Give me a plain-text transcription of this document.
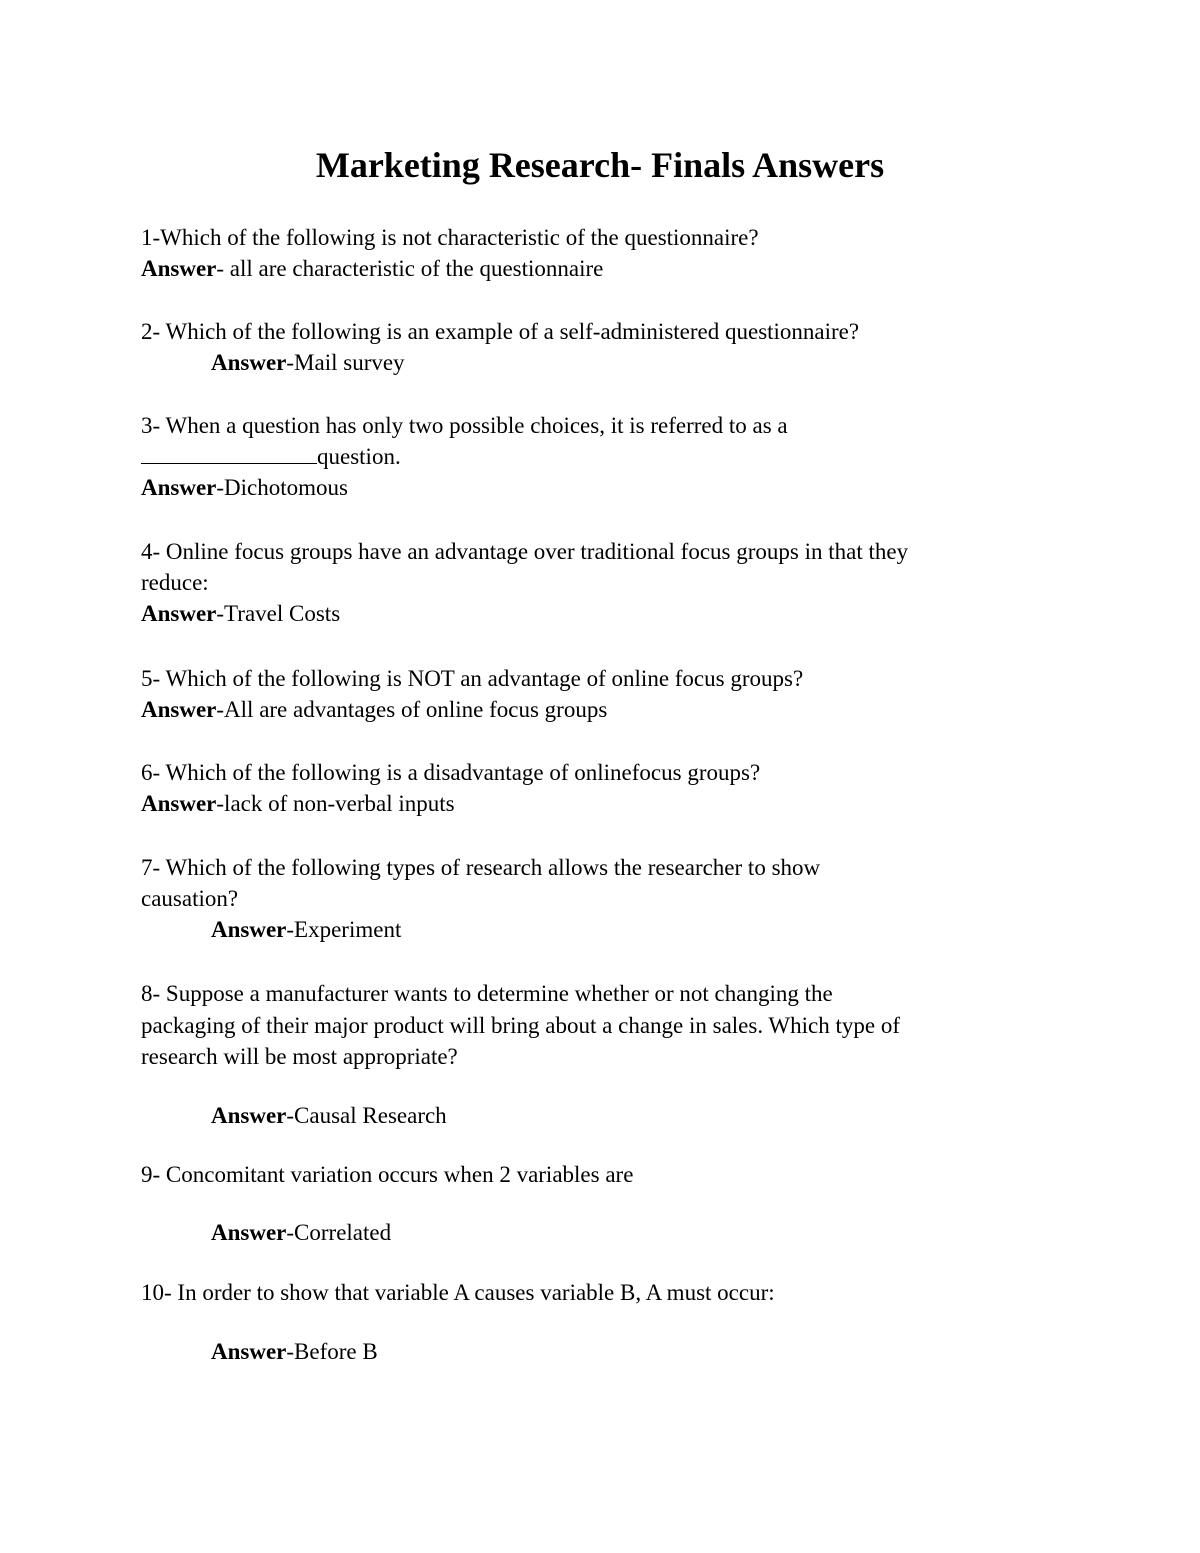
Marketing Research- Finals Answers
1-Which of the following is not characteristic of the questionnaire?
Answer- all are characteristic of the questionnaire
2- Which of the following is an example of a self-administered questionnaire?
Answer-Mail survey
3- When a question has only two possible choices, it is referred to as a
question.
Answer-Dichotomous
4- Online focus groups have an advantage over traditional focus groups in that they
reduce:
Answer-Travel Costs
5- Which of the following is NOT an advantage of online focus groups?
Answer-All are advantages of online focus groups
6- Which of the following is a disadvantage of onlinefocus groups?
Answer-lack of non-verbal inputs
7- Which of the following types of research allows the researcher to show
causation?
Answer-Experiment
8- Suppose a manufacturer wants to determine whether or not changing the
packaging of their major product will bring about a change in sales. Which type of
research will be most appropriate?
Answer-Causal Research
9- Concomitant variation occurs when 2 variables are
Answer-Correlated
10- In order to show that variable A causes variable B, A must occur:
Answer-Before B
